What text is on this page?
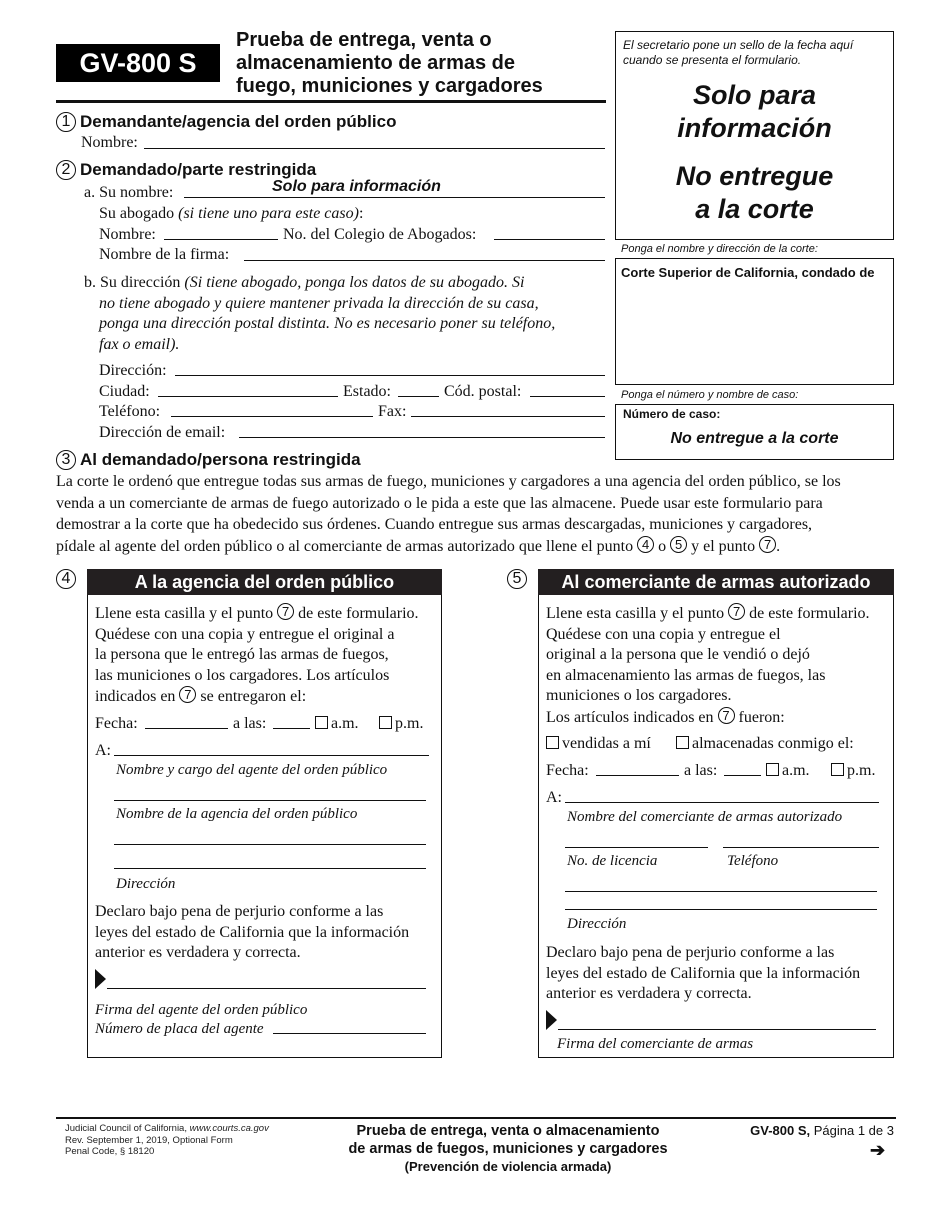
GV-800 S
Prueba de entrega, venta o
almacenamiento de armas de
fuego, municiones y cargadores
El secretario pone un sello de la fecha aquí
cuando se presenta el formulario.
Solo para
información
No entregue
a la corte
Ponga el nombre y dirección de la corte:
Corte Superior de California, condado de
Ponga el número y nombre de caso:
Número de caso:
No entregue a la corte
1 Demandante/agencia del orden público
Nombre:
2 Demandado/parte restringida
a. Su nombre:	Solo para información
Su abogado (si tiene uno para este caso):
Nombre:	No. del Colegio de Abogados:
Nombre de la firma:
b. Su dirección (Si tiene abogado, ponga los datos de su abogado. Si
no tiene abogado y quiere mantener privada la dirección de su casa,
ponga una dirección postal distinta. No es necesario poner su teléfono,
fax o email).
Dirección:
Ciudad:	Estado:	Cód. postal:
Teléfono:	Fax:
Dirección de email:
3 Al demandado/persona restringida
La corte le ordenó que entregue todas sus armas de fuego, municiones y cargadores a una agencia del orden público, se los
venda a un comerciante de armas de fuego autorizado o le pida a este que las almacene. Puede usar este formulario para
demostrar a la corte que ha obedecido sus órdenes. Cuando entregue sus armas descargadas, municiones y cargadores,
pídale al agente del orden público o al comerciante de armas autorizado que llene el punto 4 o 5 y el punto 7 .
4	A la agencia del orden público
Llene esta casilla y el punto 7 de este formulario.
Quédese con una copia y entregue el original a
la persona que le entregó las armas de fuegos,
las municiones o los cargadores. Los artículos
indicados en 7 se entregaron el:
Fecha:	a las:	a.m.	p.m.
A:
Nombre y cargo del agente del orden público
Nombre de la agencia del orden público
Dirección
Declaro bajo pena de perjurio conforme a las
leyes del estado de California que la información
anterior es verdadera y correcta.
Firma del agente del orden público
Número de placa del agente
5	Al comerciante de armas autorizado
Llene esta casilla y el punto 7 de este formulario.
Quédese con una copia y entregue el
original a la persona que le vendió o dejó
en almacenamiento las armas de fuegos, las
municiones o los cargadores.
Los artículos indicados en 7 fueron:
vendidas a mí	almacenadas conmigo el:
Fecha:	a las:	a.m.	p.m.
A:
Nombre del comerciante de armas autorizado
No. de licencia	Teléfono
Dirección
Declaro bajo pena de perjurio conforme a las
leyes del estado de California que la información
anterior es verdadera y correcta.
Firma del comerciante de armas
Judicial Council of California, www.courts.ca.gov
Rev. September 1, 2019, Optional Form
Penal Code, § 18120
Prueba de entrega, venta o almacenamiento
de armas de fuegos, municiones y cargadores
(Prevención de violencia armada)
GV-800 S, Página 1 de 3
➔
